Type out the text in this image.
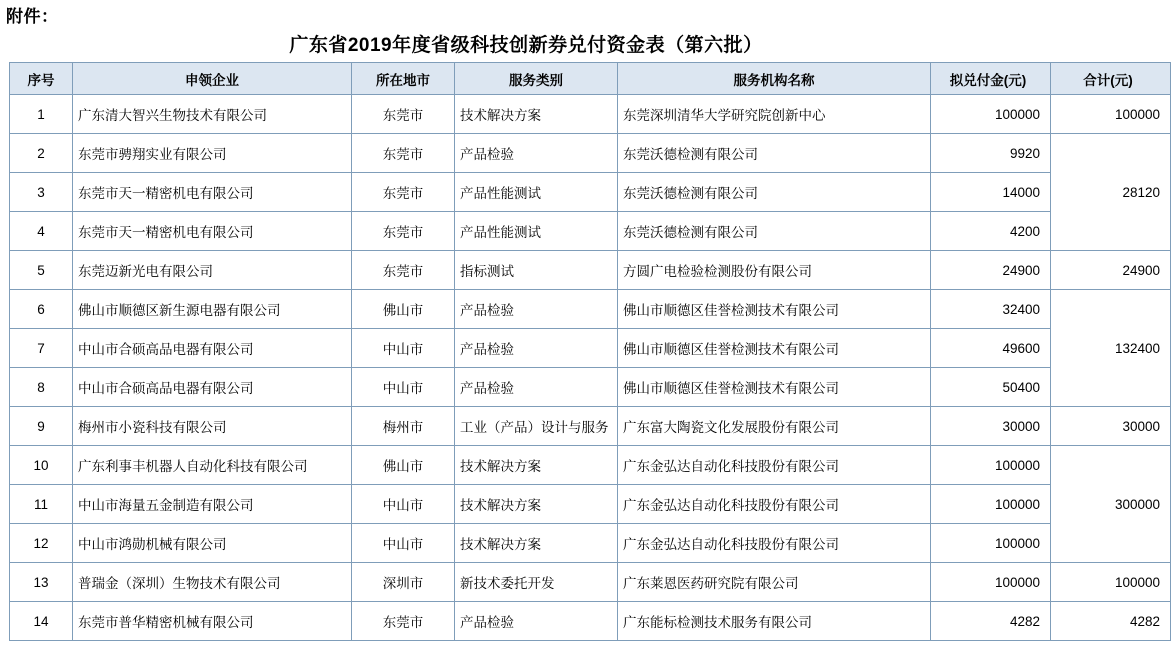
附件：
广东省2019年度省级科技创新券兑付资金表（第六批）
序号	申领企业	所在地市	服务类别	服务机构名称	拟兑付金(元)	合计(元)
1	广东清大智兴生物技术有限公司	东莞市	技术解决方案	东莞深圳清华大学研究院创新中心	100000	100000
2	东莞市骋翔实业有限公司	东莞市	产品检验	东莞沃德检测有限公司	9920	28120
3	东莞市天一精密机电有限公司	东莞市	产品性能测试	东莞沃德检测有限公司	14000	
4	东莞市天一精密机电有限公司	东莞市	产品性能测试	东莞沃德检测有限公司	4200	
5	东莞迈新光电有限公司	东莞市	指标测试	方圆广电检验检测股份有限公司	24900	24900
6	佛山市顺德区新生源电器有限公司	佛山市	产品检验	佛山市顺德区佳誉检测技术有限公司	32400	132400
7	中山市合硕高品电器有限公司	中山市	产品检验	佛山市顺德区佳誉检测技术有限公司	49600	
8	中山市合硕高品电器有限公司	中山市	产品检验	佛山市顺德区佳誉检测技术有限公司	50400	
9	梅州市小瓷科技有限公司	梅州市	工业（产品）设计与服务	广东富大陶瓷文化发展股份有限公司	30000	30000
10	广东利事丰机器人自动化科技有限公司	佛山市	技术解决方案	广东金弘达自动化科技股份有限公司	100000	300000
11	中山市海量五金制造有限公司	中山市	技术解决方案	广东金弘达自动化科技股份有限公司	100000	
12	中山市鸿勋机械有限公司	中山市	技术解决方案	广东金弘达自动化科技股份有限公司	100000	
13	普瑞金（深圳）生物技术有限公司	深圳市	新技术委托开发	广东莱恩医药研究院有限公司	100000	100000
14	东莞市普华精密机械有限公司	东莞市	产品检验	广东能标检测技术服务有限公司	4282	4282
